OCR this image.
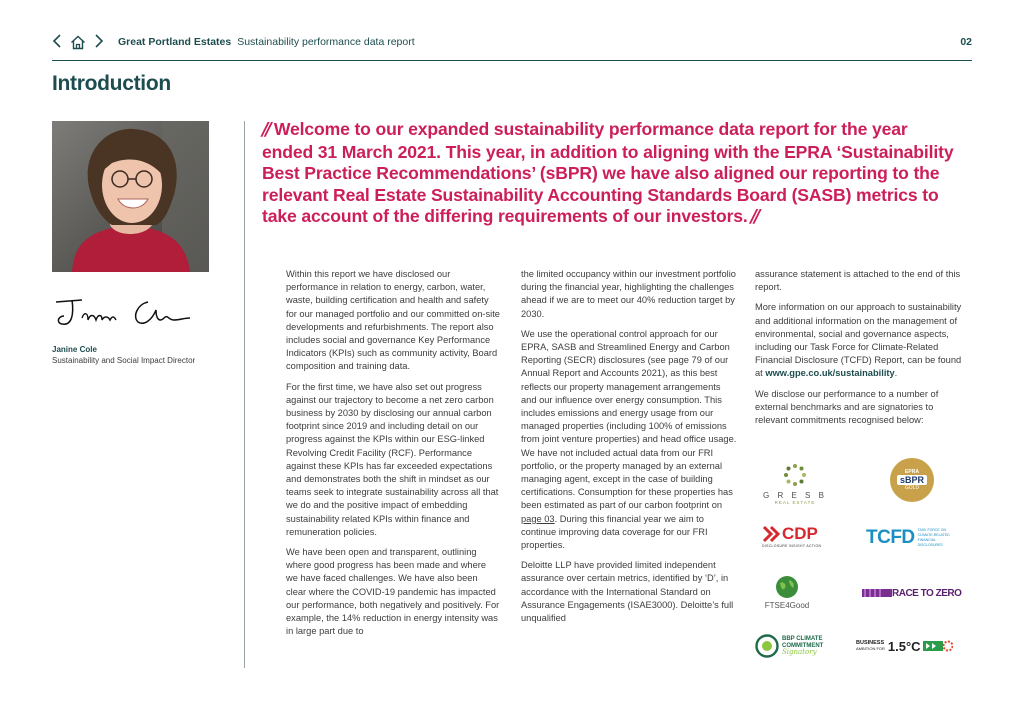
Great Portland Estates Sustainability performance data report	02
Introduction
Janine Cole
Sustainability and Social Impact Director
// Welcome to our expanded sustainability performance data report for the year ended 31 March 2021. This year, in addition to aligning with the EPRA ‘Sustainability Best Practice Recommendations’ (sBPR) we have also aligned our reporting to the relevant Real Estate Sustainability Accounting Standards Board (SASB) metrics to take account of the differing requirements of our investors. //

Within this report we have disclosed our performance in relation to energy, carbon, water, waste, building certification and health and safety for our managed portfolio and our committed on-site developments and refurbishments. The report also includes social and governance Key Performance Indicators (KPIs) such as community activity, Board composition and training data.

For the first time, we have also set out progress against our trajectory to become a net zero carbon business by 2030 by disclosing our annual carbon footprint since 2019 and including detail on our progress against the KPIs within our ESG-linked Revolving Credit Facility (RCF). Performance against these KPIs has far exceeded expectations and demonstrates both the shift in mindset as our teams seek to integrate sustainability across all that we do and the positive impact of embedding sustainability related KPIs within finance and remuneration policies.

We have been open and transparent, outlining where good progress has been made and where we have faced challenges. We have also been clear where the COVID-19 pandemic has impacted our performance, both negatively and positively. For example, the 14% reduction in energy intensity was in large part due to

the limited occupancy within our investment portfolio during the financial year, highlighting the challenges ahead if we are to meet our 40% reduction target by 2030.

We use the operational control approach for our EPRA, SASB and Streamlined Energy and Carbon Reporting (SECR) disclosures (see page 79 of our Annual Report and Accounts 2021), as this best reflects our property management arrangements and our influence over energy consumption. This includes emissions and energy usage from our managed properties (including 100% of emissions from joint venture properties) and head office usage. We have not included actual data from our FRI portfolio, or the property managed by an external managing agent, except in the case of building certifications. Consumption for these properties has been estimated as part of our carbon footprint on page 03. During this financial year we aim to continue improving data coverage for our FRI properties.

Deloitte LLP have provided limited independent assurance over certain metrics, identified by ‘D’, in accordance with the International Standard on Assurance Engagements (ISAE3000). Deloitte’s full unqualified

assurance statement is attached to the end of this report.

More information on our approach to sustainability and additional information on the management of environmental, social and governance aspects, including our Task Force for Climate-Related Financial Disclosure (TCFD) Report, can be found at www.gpe.co.uk/sustainability.

We disclose our performance to a number of external benchmarks and are signatories to relevant commitments recognised below:

G R E S B
REAL ESTATE
EPRA
sBPR
GOLD
CDP
DISCLOSURE INSIGHT ACTION TCFD TASK FORCE ON CLIMATE-RELATED FINANCIAL DISCLOSURES
RACE TO ZERO
FTSE4Good
BBP CLIMATE
COMMITMENT
Signatory
BUSINESS
AMBITION FOR 1.5°C
